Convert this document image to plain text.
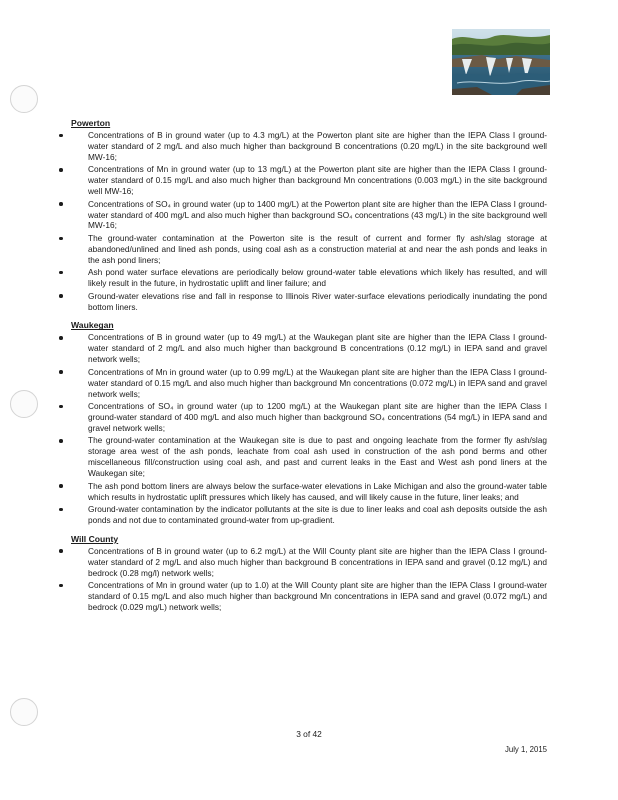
Powerton
Concentrations of B in ground water (up to 4.3 mg/L) at the Powerton plant site are higher than the IEPA Class I ground-water standard of 2 mg/L and also much higher than background B concentrations (0.20 mg/L) in the site background well MW-16;
Concentrations of Mn in ground water (up to 13 mg/L) at the Powerton plant site are higher than the IEPA Class I ground-water standard of 0.15 mg/L and also much higher than background Mn concentrations (0.003 mg/L) in the site background well MW-16;
Concentrations of SO₄ in ground water (up to 1400 mg/L) at the Powerton plant site are higher than the IEPA Class I ground-water standard of 400 mg/L and also much higher than background SO₄ concentrations (43 mg/L) in the site background well MW-16;
The ground-water contamination at the Powerton site is the result of current and former fly ash/slag storage at abandoned/unlined and lined ash ponds, using coal ash as a construction material at and near the ash ponds and leaks in the ash pond liners;
Ash pond water surface elevations are periodically below ground-water table elevations which likely has resulted, and will likely result in the future, in hydrostatic uplift and liner failure; and
Ground-water elevations rise and fall in response to Illinois River water-surface elevations periodically inundating the pond bottom liners.
Waukegan
Concentrations of B in ground water (up to 49 mg/L) at the Waukegan plant site are higher than the IEPA Class I ground-water standard of 2 mg/L and also much higher than background B concentrations (0.12 mg/L) in IEPA sand and gravel network wells;
Concentrations of Mn in ground water (up to 0.99 mg/L) at the Waukegan plant site are higher than the IEPA Class I ground-water standard of 0.15 mg/L and also much higher than background Mn concentrations (0.072 mg/L) in IEPA sand and gravel network wells;
Concentrations of SO₄ in ground water (up to 1200 mg/L) at the Waukegan plant site are higher than the IEPA Class I ground-water standard of 400 mg/L and also much higher than background SO₄ concentrations (54 mg/L) in IEPA sand and gravel network wells;
The ground-water contamination at the Waukegan site is due to past and ongoing leachate from the former fly ash/slag storage area west of the ash ponds, leachate from coal ash used in construction of the ash pond berms and other miscellaneous fill/construction using coal ash, and past and current leaks in the East and West ash pond liners at the Waukegan site;
The ash pond bottom liners are always below the surface-water elevations in Lake Michigan and also the ground-water table which results in hydrostatic uplift pressures which likely has caused, and will likely cause in the future, liner leaks; and
Ground-water contamination by the indicator pollutants at the site is due to liner leaks and coal ash deposits outside the ash ponds and not due to contaminated ground-water from up-gradient.
Will County
Concentrations of B in ground water (up to 6.2 mg/L) at the Will County plant site are higher than the IEPA Class I ground-water standard of 2 mg/L and also much higher than background B concentrations in IEPA sand and gravel (0.12 mg/L) and bedrock (0.28 mg/l) network wells;
Concentrations of Mn in ground water (up to 1.0) at the Will County plant site are higher than the IEPA Class I ground-water standard of 0.15 mg/L and also much higher than background Mn concentrations in IEPA sand and gravel (0.072 mg/L) and bedrock (0.029 mg/L) network wells;
3 of 42
July 1, 2015
